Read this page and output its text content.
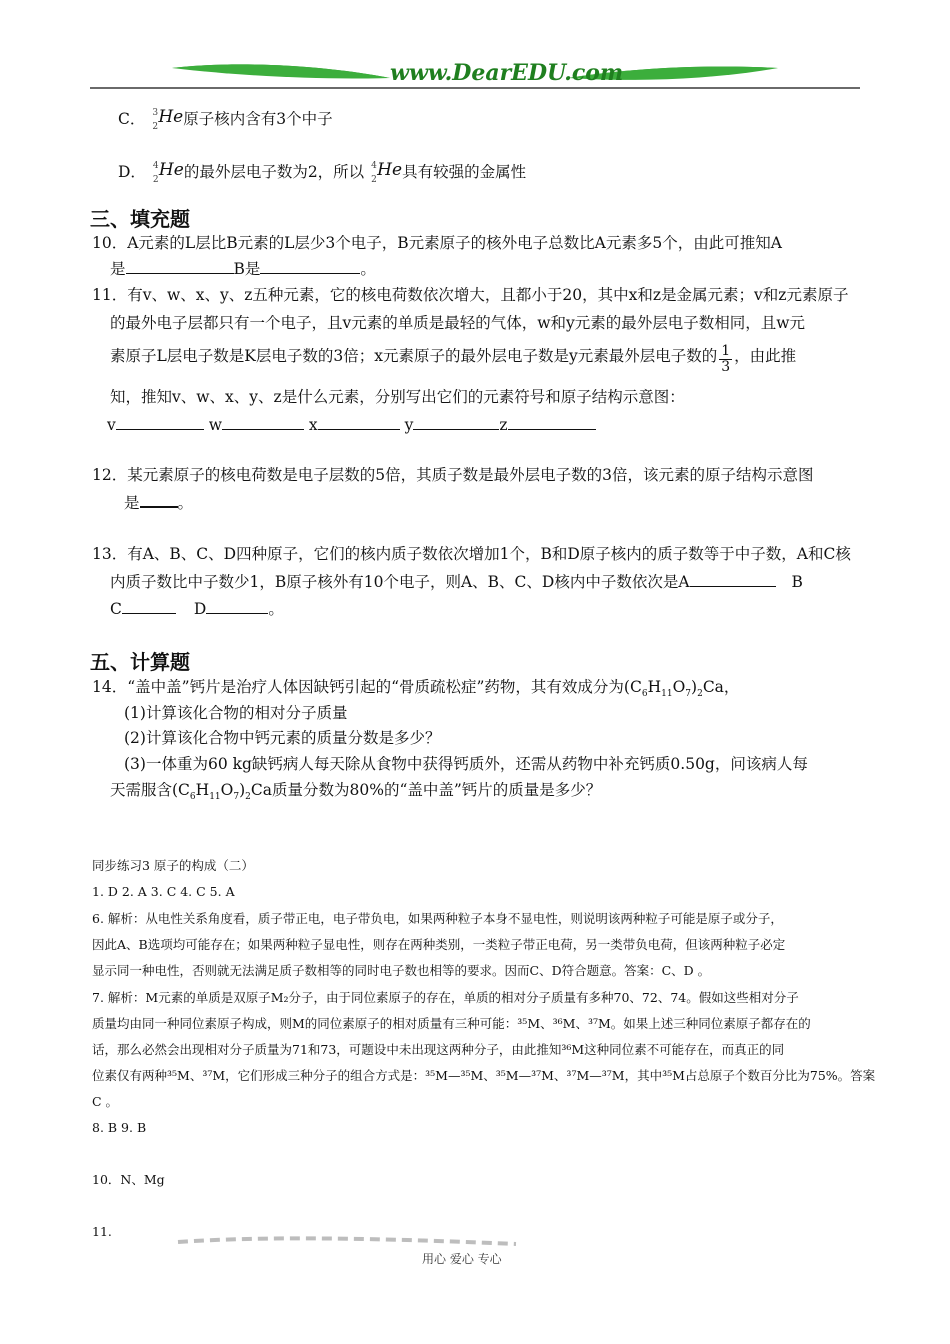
www.DearEDU.com
C． 3
2 He 原子核内含有3个中子
D． 4
2 He 的最外层电子数为2，所以 4
2 He 具有较强的金属性
三、填充题
10．A元素的L层比B元素的L层少3个电子，B元素原子的核外电子总数比A元素多5个，由此可推知A
是	B是	。
11．有v、w、x、y、z五种元素，它的核电荷数依次增大，且都小于20，其中x和z是金属元素；v和z元素原子
的最外电子层都只有一个电子，且v元素的单质是最轻的气体，w和y元素的最外层电子数相同，且w元
素原子L层电子数是K层电子数的3倍；x元素原子的最外层电子数是y元素最外层电子数的 $\frac{1}{3}$ ，由此推
知，推知v、w、x、y、z是什么元素，分别写出它们的元素符号和原子结构示意图：
v	w	x	y	z
12．某元素原子的核电荷数是电子层数的5倍，其质子数是最外层电子数的3倍，该元素的原子结构示意图
是 。
13．有A、B、C、D四种原子，它们的核内质子数依次增加1个，B和D原子核内的质子数等于中子数，A和C核
内质子数比中子数少1，B原子核外有10个电子，则A、B、C、D核内中子数依次是A	B
C	D	。
五、计算题
14．“盖中盖”钙片是治疗人体因缺钙引起的“骨质疏松症”药物，其有效成分为$(C_6H_{11}O_7)_2Ca$，
(1)计算该化合物的相对分子质量
(2)计算该化合物中钙元素的质量分数是多少？
(3)一体重为60 kg缺钙病人每天除从食物中获得钙质外，还需从药物中补充钙质0.50g，问该病人每
天需服含$(C_6H_{11}O_7)_2Ca$质量分数为80%的“盖中盖”钙片的质量是多少？
同步练习3 原子的构成（二）
1. D 2. A 3. C 4. C 5. A
6. 解析：从电性关系角度看，质子带正电，电子带负电，如果两种粒子本身不显电性，则说明该两种粒子可能是原子或分子，
因此A、B选项均可能存在；如果两种粒子显电性，则存在两种类别，一类粒子带正电荷，另一类带负电荷，但该两种粒子必定
显示同一种电性，否则就无法满足质子数相等的同时电子数也相等的要求。因而C、D符合题意。答案：C、D 。
7. 解析：M元素的单质是双原子M₂分子，由于同位素原子的存在，单质的相对分子质量有多种70、72、74。假如这些相对分子
质量均由同一种同位素原子构成，则M的同位素原子的相对质量有三种可能：³⁵M、³⁶M、³⁷M。如果上述三种同位素原子都存在的
话，那么必然会出现相对分子质量为71和73，可题设中未出现这两种分子，由此推知³⁶M这种同位素不可能存在，而真正的同
位素仅有两种³⁵M、³⁷M，它们形成三种分子的组合方式是：³⁵M—³⁵M、³⁵M—³⁷M、³⁷M—³⁷M，其中³⁵M占总原子个数百分比为75%。答案
C 。
8. B 9. B
10．N、Mg
11.
用心 爱心 专心
